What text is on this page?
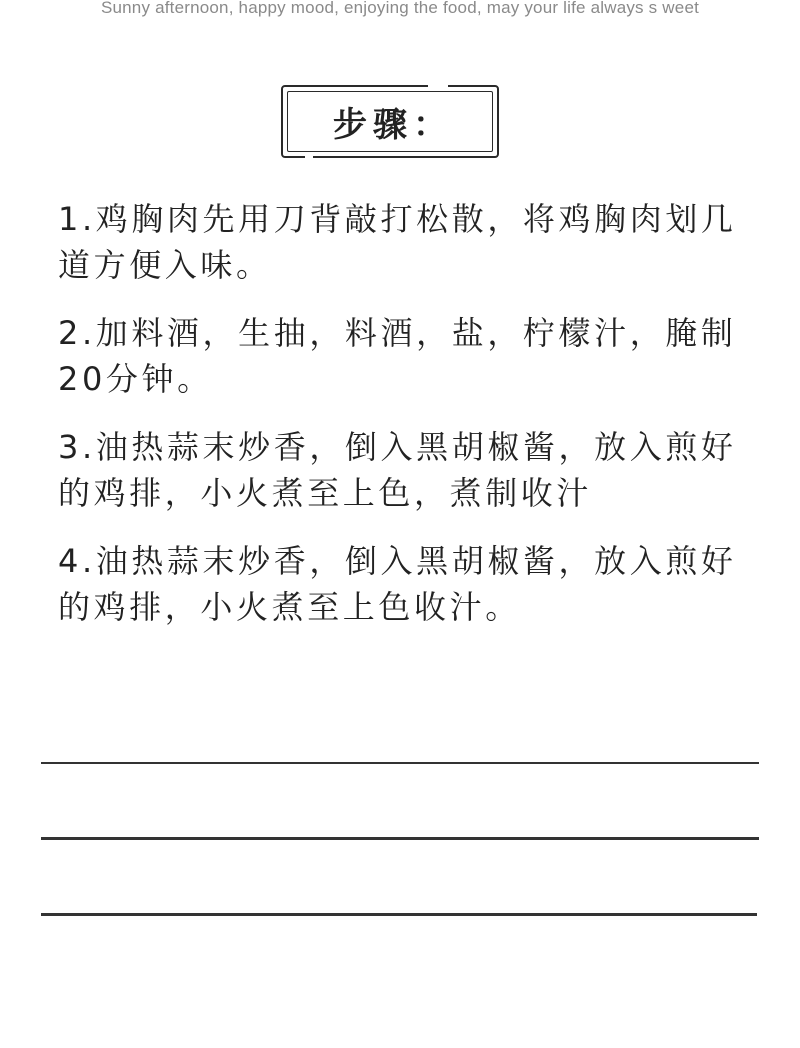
Sunny afternoon, happy mood, enjoying the food, may your life always s weet

步骤：
1.鸡胸肉先用刀背敲打松散，将鸡胸肉划几道方便入味。
2.加料酒，生抽，料酒，盐，柠檬汁，腌制20分钟。
3.油热蒜末炒香，倒入黑胡椒酱，放入煎好的鸡排，小火煮至上色，煮制收汁
4.油热蒜末炒香，倒入黑胡椒酱，放入煎好的鸡排，小火煮至上色收汁。
